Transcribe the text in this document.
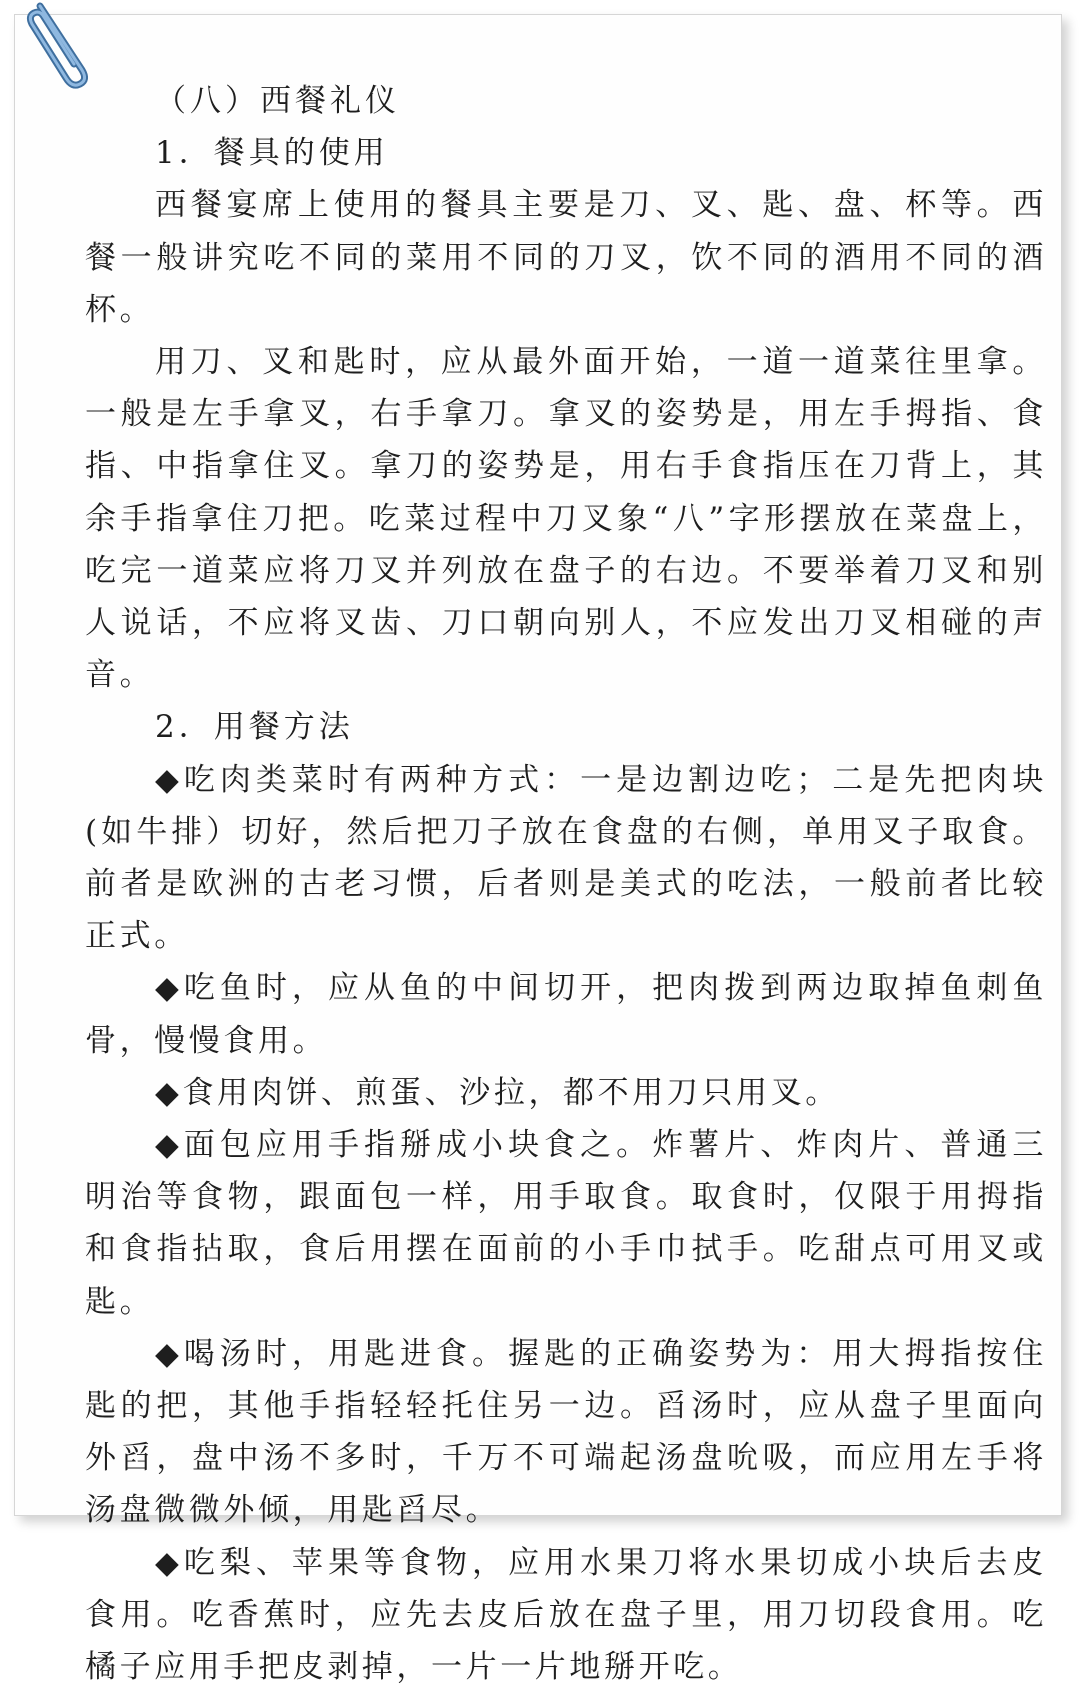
（八）西餐礼仪

1．餐具的使用

西餐宴席上使用的餐具主要是刀、叉、匙、盘、杯等。西餐一般讲究吃不同的菜用不同的刀叉，饮不同的酒用不同的酒杯。

用刀、叉和匙时，应从最外面开始，一道一道菜往里拿。一般是左手拿叉，右手拿刀。拿叉的姿势是，用左手拇指、食指、中指拿住叉。拿刀的姿势是，用右手食指压在刀背上，其余手指拿住刀把。吃菜过程中刀叉象“八”字形摆放在菜盘上，吃完一道菜应将刀叉并列放在盘子的右边。不要举着刀叉和别人说话，不应将叉齿、刀口朝向别人，不应发出刀叉相碰的声音。

2．用餐方法

◆吃肉类菜时有两种方式：一是边割边吃；二是先把肉块(如牛排）切好，然后把刀子放在食盘的右侧，单用叉子取食。前者是欧洲的古老习惯，后者则是美式的吃法，一般前者比较正式。

◆吃鱼时，应从鱼的中间切开，把肉拨到两边取掉鱼刺鱼骨，慢慢食用。

◆食用肉饼、煎蛋、沙拉，都不用刀只用叉。

◆面包应用手指掰成小块食之。炸薯片、炸肉片、普通三明治等食物，跟面包一样，用手取食。取食时，仅限于用拇指和食指拈取，食后用摆在面前的小手巾拭手。吃甜点可用叉或匙。

◆喝汤时，用匙进食。握匙的正确姿势为：用大拇指按住匙的把，其他手指轻轻托住另一边。舀汤时，应从盘子里面向外舀，盘中汤不多时，千万不可端起汤盘吮吸，而应用左手将汤盘微微外倾，用匙舀尽。

◆吃梨、苹果等食物，应用水果刀将水果切成小块后去皮食用。吃香蕉时，应先去皮后放在盘子里，用刀切段食用。吃橘子应用手把皮剥掉，一片一片地掰开吃。
